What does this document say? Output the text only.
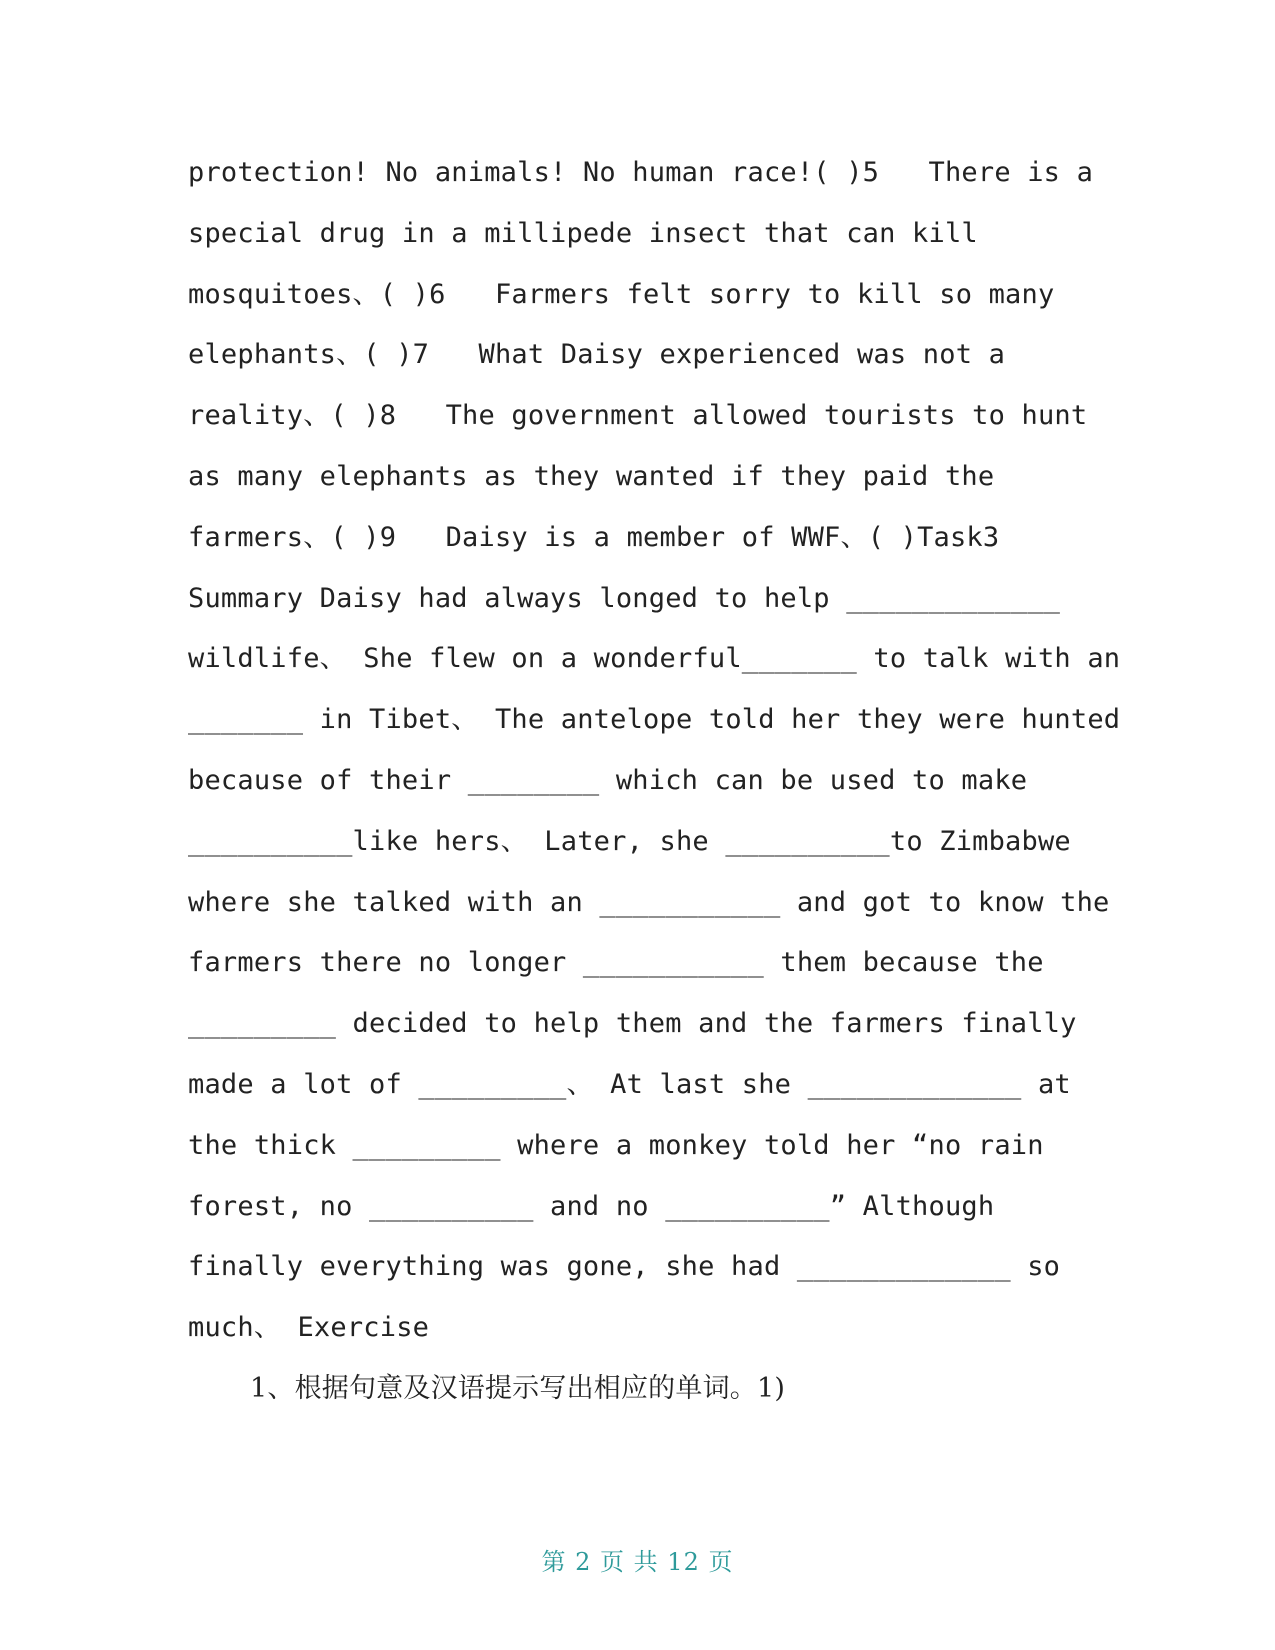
protection! No animals! No human race!( )5   There is a
special drug in a millipede insect that can kill
mosquitoes、( )6   Farmers felt sorry to kill so many
elephants、( )7   What Daisy experienced was not a
reality、( )8   The government allowed tourists to hunt
as many elephants as they wanted if they paid the
farmers、( )9   Daisy is a member of WWF、( )Task3
Summary Daisy had always longed to help _____________
wildlife、 She flew on a wonderful_______ to talk with an
_______ in Tibet、 The antelope told her they were hunted
because of their ________ which can be used to make
__________like hers、 Later, she __________to Zimbabwe
where she talked with an ___________ and got to know the
farmers there no longer ___________ them because the
_________ decided to help them and the farmers finally
made a lot of _________、 At last she _____________ at
the thick _________ where a monkey told her “no rain
forest, no __________ and no __________” Although
finally everything was gone, she had _____________ so
much、 Exercise
1、根据句意及汉语提示写出相应的单词。1)
第 2 页 共 12 页
